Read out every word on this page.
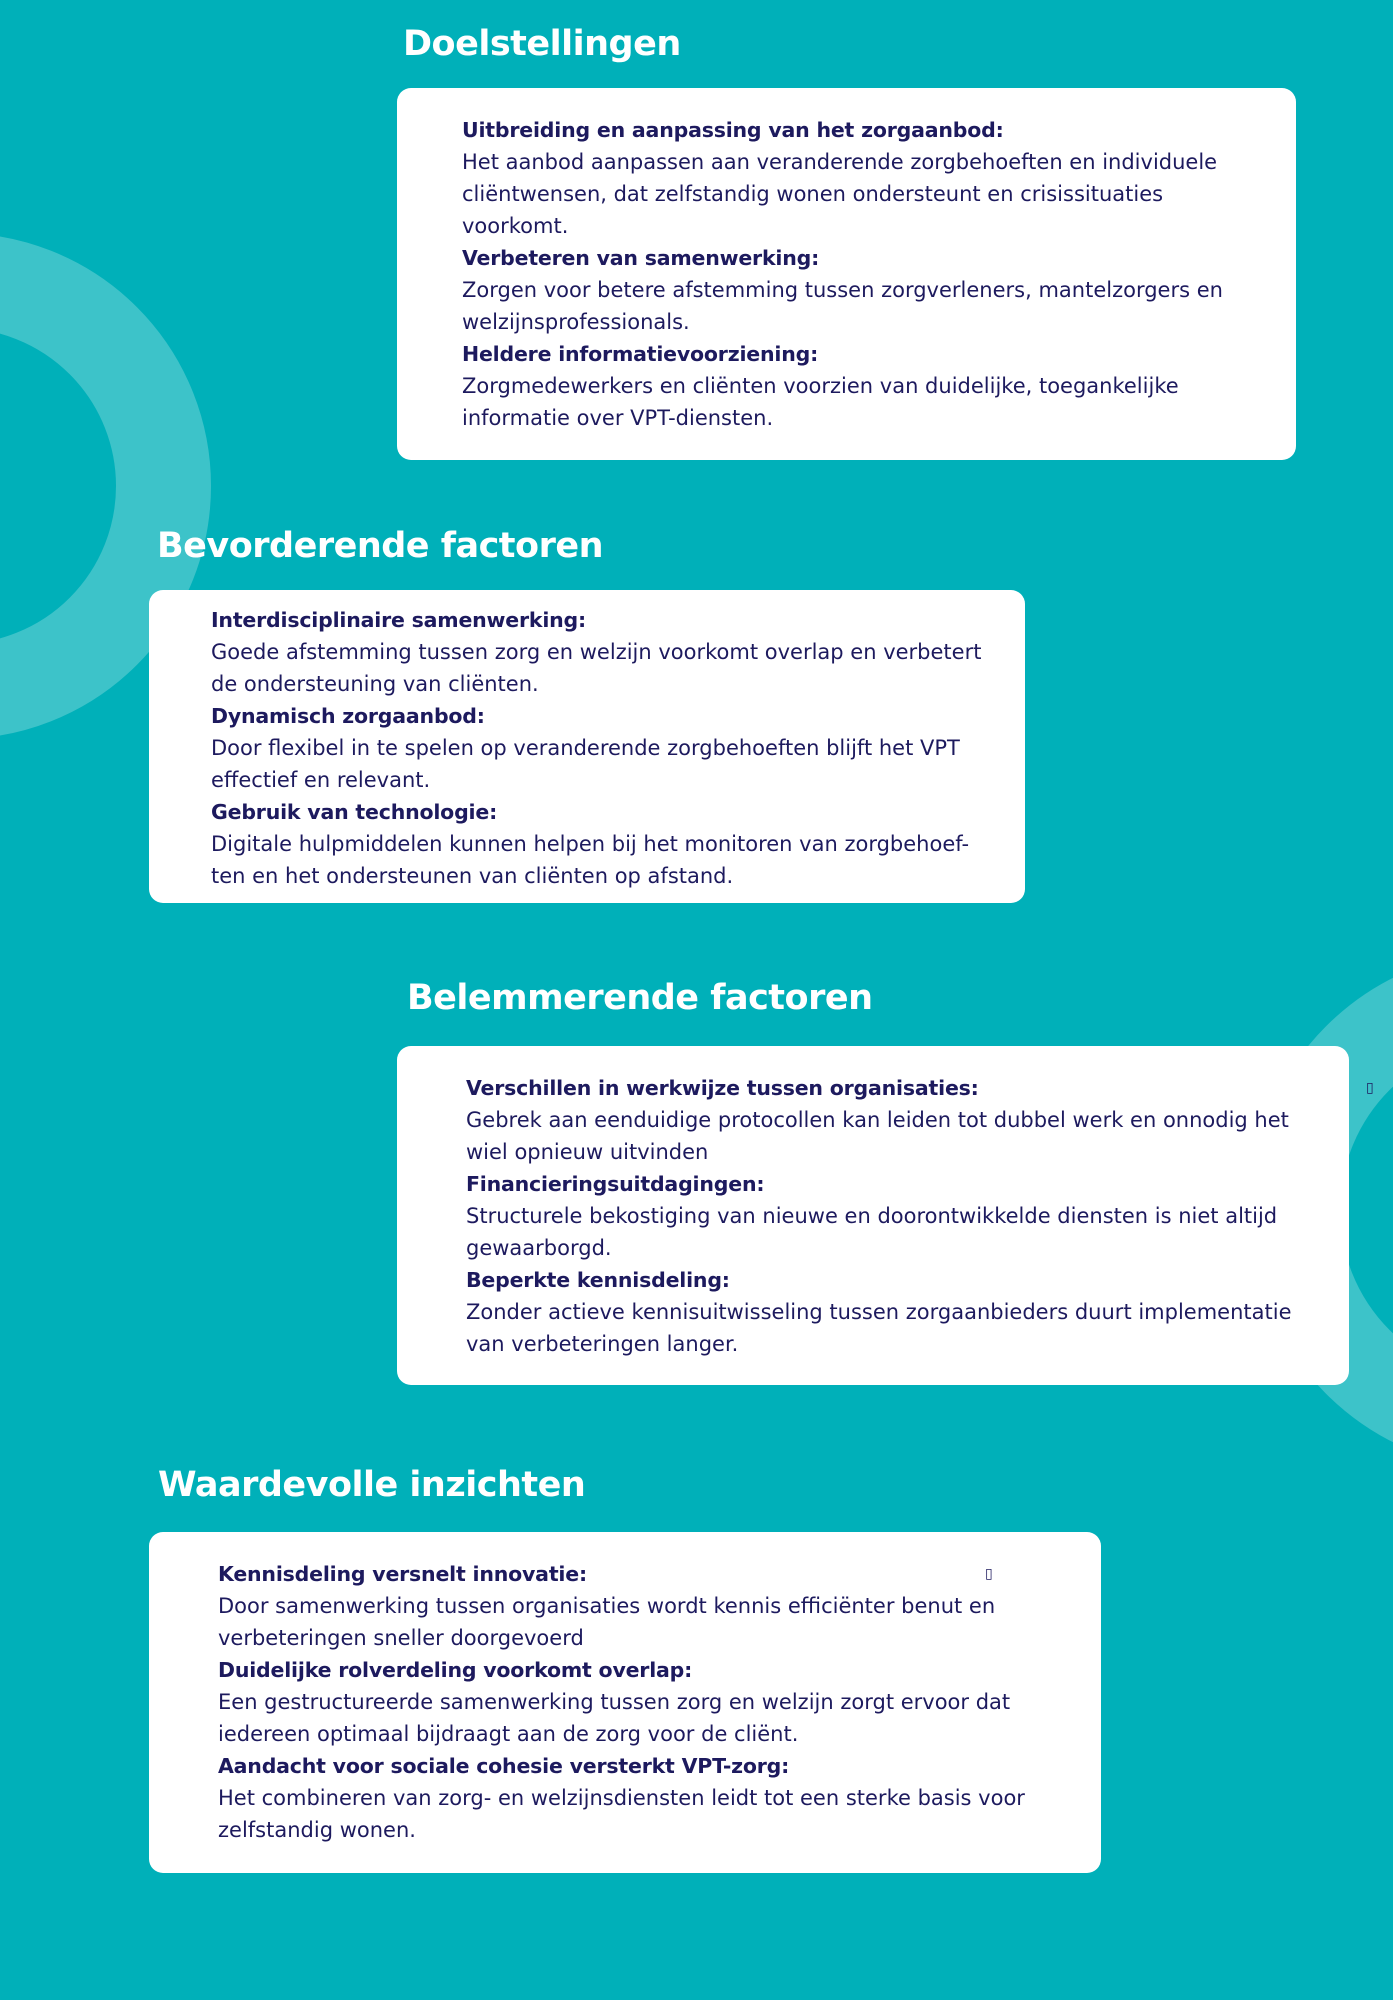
Doelstellingen
Uitbreiding en aanpassing van het zorgaanbod:
Het aanbod aanpassen aan veranderende zorgbehoeften en individuele cliëntwensen, dat zelfstandig wonen ondersteunt en crisissituaties voorkomt.
Verbeteren van samenwerking:
Zorgen voor betere afstemming tussen zorgverleners, mantelzorgers en welzijnsprofessionals.
Heldere informatievoorziening:
Zorgmedewerkers en cliënten voorzien van duidelijke, toegankelijke informatie over VPT-diensten.
Bevorderende factoren
Interdisciplinaire samenwerking:
Goede afstemming tussen zorg en welzijn voorkomt overlap en verbetert de ondersteuning van cliënten.
Dynamisch zorgaanbod:
Door flexibel in te spelen op veranderende zorgbehoeften blijft het VPT effectief en relevant.
Gebruik van technologie:
Digitale hulpmiddelen kunnen helpen bij het monitoren van zorgbehoef-ten en het ondersteunen van cliënten op afstand.
Belemmerende factoren
Verschillen in werkwijze tussen organisaties:
Gebrek aan eenduidige protocollen kan leiden tot dubbel werk en onnodig het wiel opnieuw uitvinden
Financieringsuitdagingen:
Structurele bekostiging van nieuwe en doorontwikkelde diensten is niet altijd gewaarborgd.
Beperkte kennisdeling:
Zonder actieve kennisuitwisseling tussen zorgaanbieders duurt implementatie van verbeteringen langer.
▯
Waardevolle inzichten
Kennisdeling versnelt innovatie:
Door samenwerking tussen organisaties wordt kennis efficiënter benut en verbeteringen sneller doorgevoerd
Duidelijke rolverdeling voorkomt overlap:
Een gestructureerde samenwerking tussen zorg en welzijn zorgt ervoor dat iedereen optimaal bijdraagt aan de zorg voor de cliënt.
Aandacht voor sociale cohesie versterkt VPT-zorg:
Het combineren van zorg- en welzijnsdiensten leidt tot een sterke basis voor zelfstandig wonen.
▯
